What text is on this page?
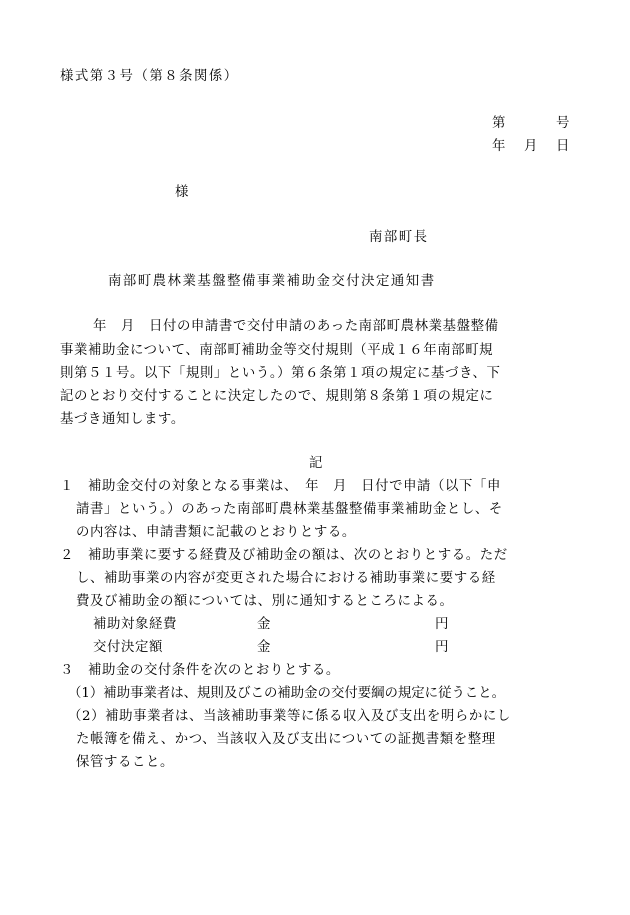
様式第３号（第８条関係）
第	号
年 月 日
様
南部町長
南部町農林業基盤整備事業補助金交付決定通知書
年　月　日付の申請書で交付申請のあった南部町農林業基盤整備
事業補助金について、南部町補助金等交付規則（平成１６年南部町規
則第５１号。以下「規則」という。）第６条第１項の規定に基づき、下
記のとおり交付することに決定したので、規則第８条第１項の規定に
基づき通知します。
記
１　補助金交付の対象となる事業は、　年　月　日付で申請（以下「申
請書」という。）のあった南部町農林業基盤整備事業補助金とし、そ
の内容は、申請書類に記載のとおりとする。
２　補助事業に要する経費及び補助金の額は、次のとおりとする。ただ
し、補助事業の内容が変更された場合における補助事業に要する経
費及び補助金の額については、別に通知するところによる。
補助対象経費	金	円
交付決定額	金	円
３　補助金の交付条件を次のとおりとする。
（1）補助事業者は、規則及びこの補助金の交付要綱の規定に従うこと。
（2）補助事業者は、当該補助事業等に係る収入及び支出を明らかにし
た帳簿を備え、かつ、当該収入及び支出についての証拠書類を整理
保管すること。
